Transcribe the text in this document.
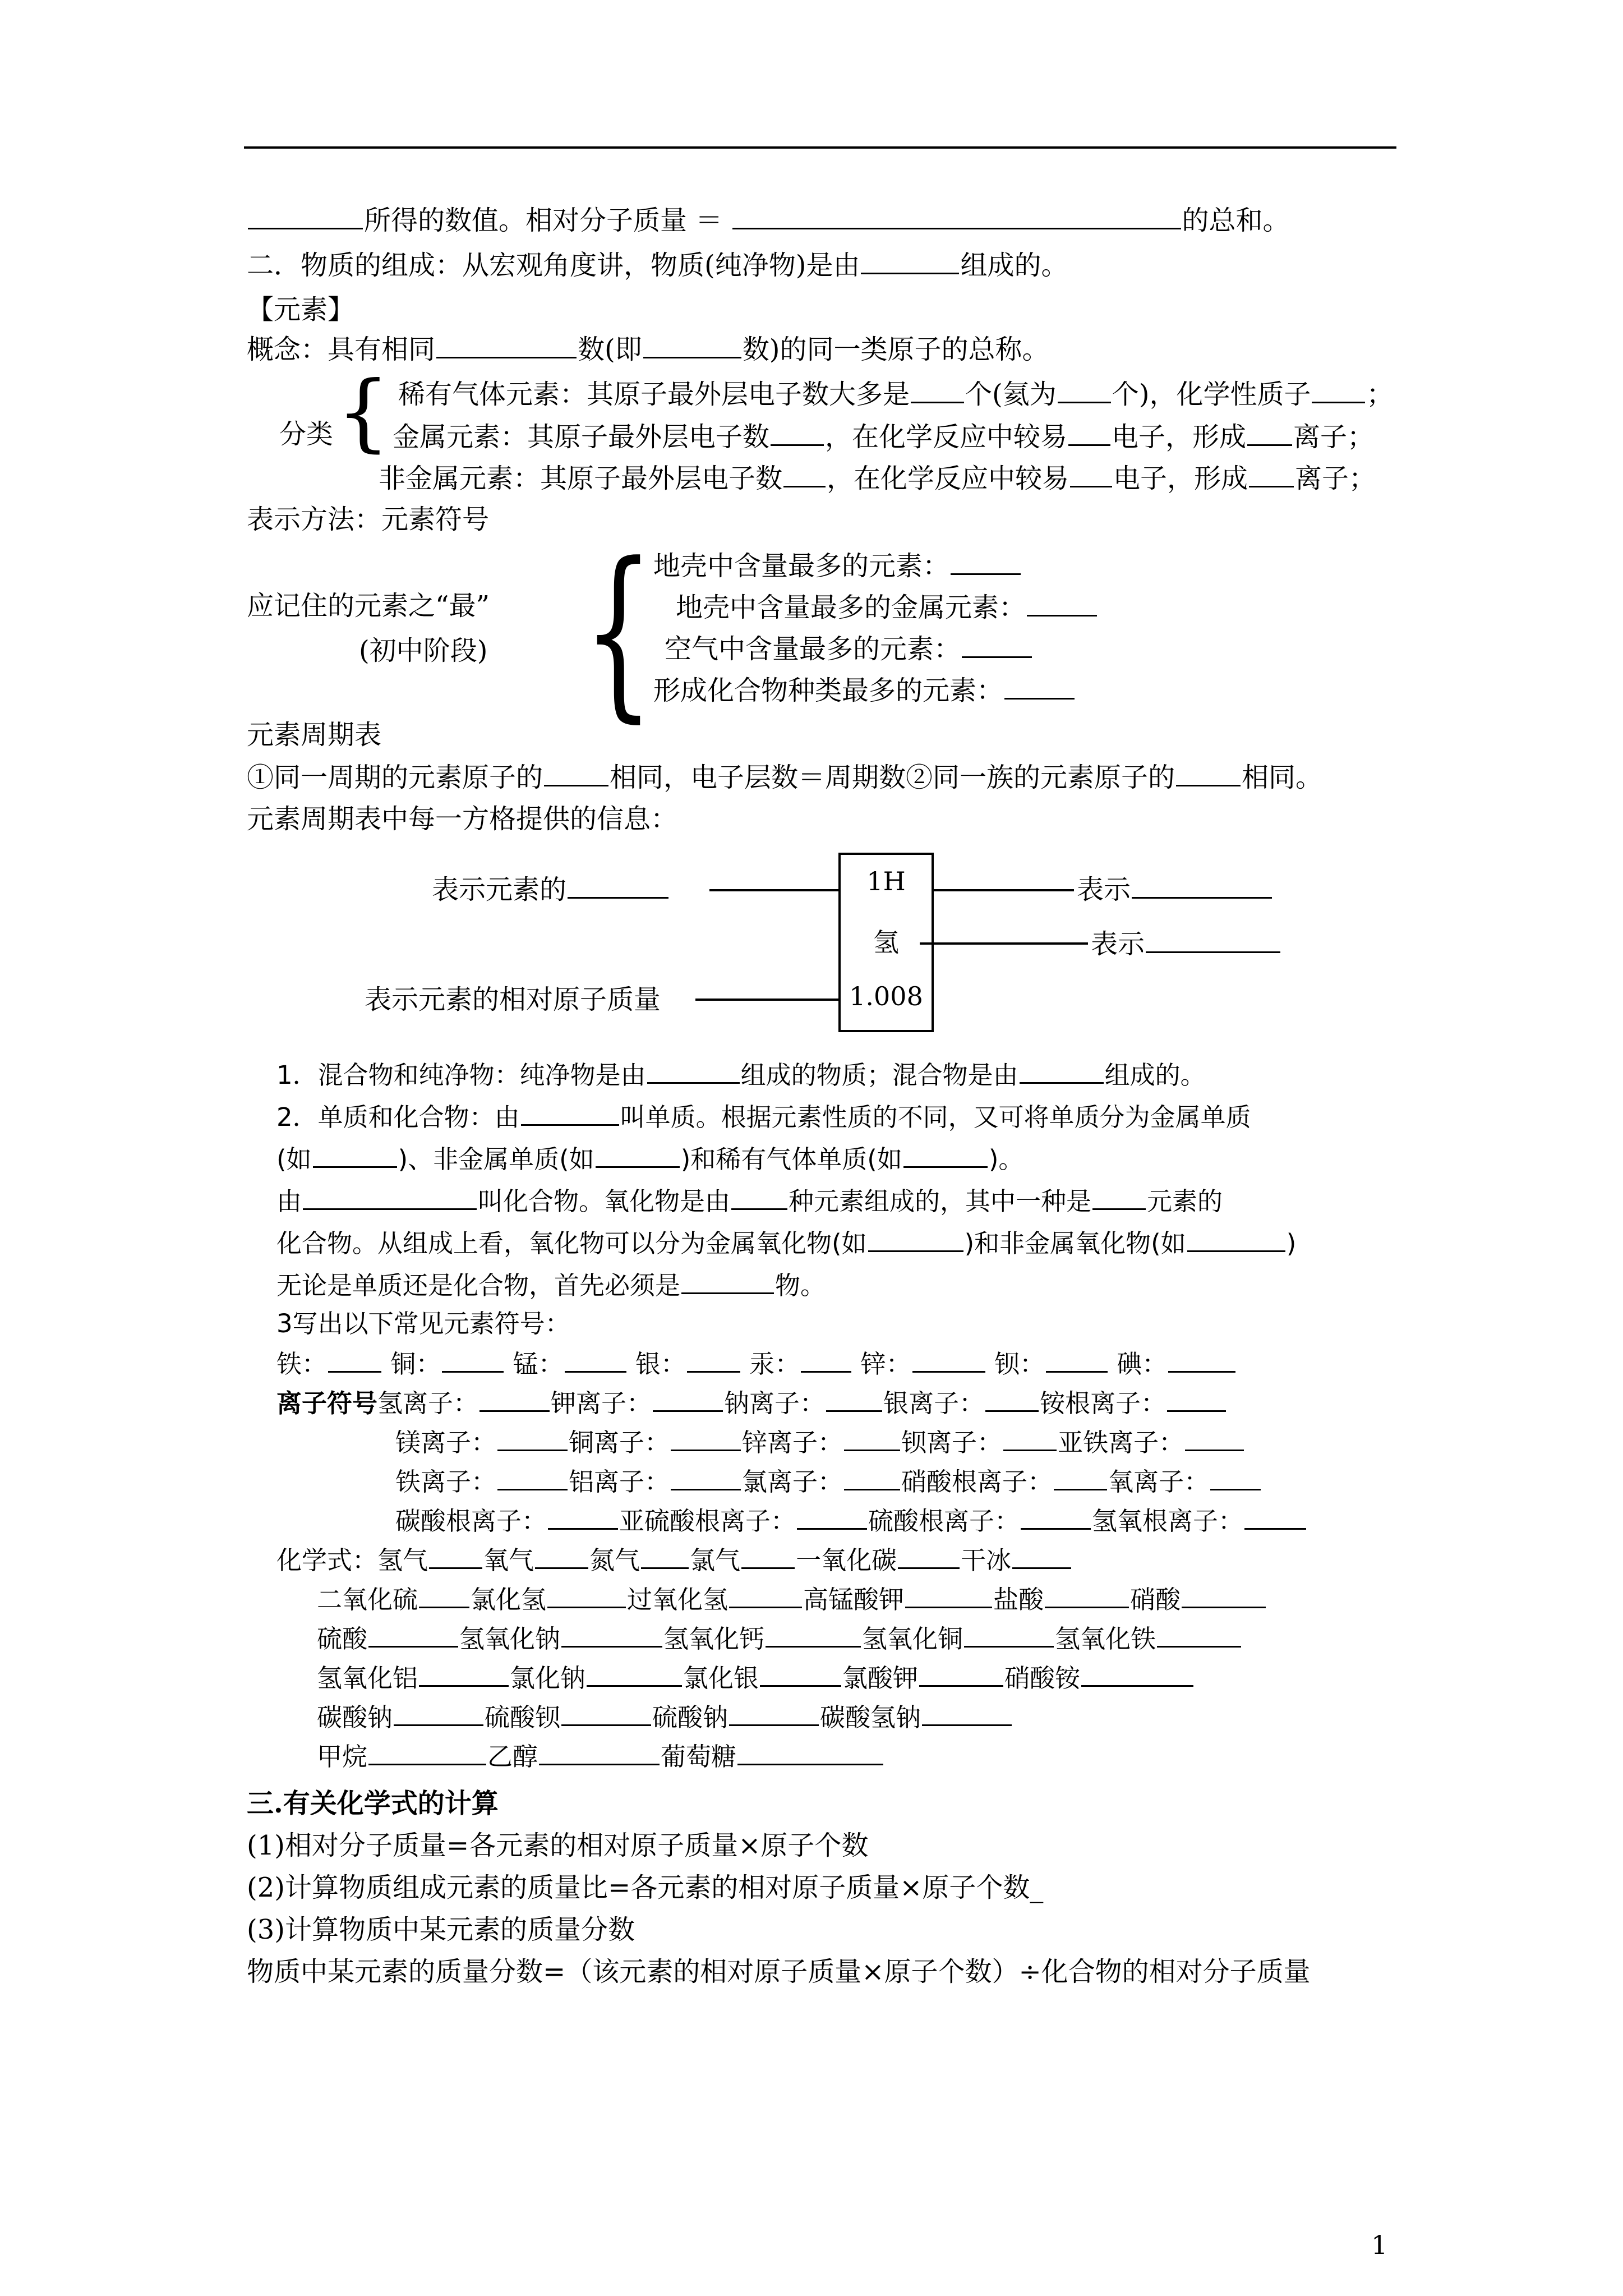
所得的数值。相对分子质量 ＝	的总和。
二．物质的组成：从宏观角度讲，物质(纯净物)是由	组成的。
【元素】
概念：具有相同	数(即	数)的同一类原子的总称。
分类 { 稀有气体元素：其原子最外层电子数大多是 个(氦为 个)，化学性质子 ；
金属元素：其原子最外层电子数 ，在化学反应中较易 电子，形成 离子；
非金属元素：其原子最外层电子数 ，在化学反应中较易 电子，形成 离子；
表示方法：元素符号
应记住的元素之“最”
(初中阶段) { 地壳中含量最多的元素：
地壳中含量最多的金属元素：
空气中含量最多的元素：
形成化合物种类最多的元素：
元素周期表
①同一周期的元素原子的 相同，电子层数＝周期数②同一族的元素原子的 相同。
元素周期表中每一方格提供的信息：
1H
氢
1.008
表示元素的	表示
表示
表示元素的相对原子质量
1．混合物和纯净物：纯净物是由	组成的物质；混合物是由	组成的。
2．单质和化合物：由	叫单质。根据元素性质的不同，又可将单质分为金属单质
(如	)、非金属单质(如	)和稀有气体单质(如	)。
由	叫化合物。氧化物是由 种元素组成的，其中一种是 元素的
化合物。从组成上看，氧化物可以分为金属氧化物(如	)和非金属氧化物(如	)
无论是单质还是化合物，首先必须是	物。
3写出以下常见元素符号：
铁：	铜：	锰：	银：	汞： 锌：	钡：	碘：
离子符号氢离子：	钾离子：	钠离子： 银离子： 铵根离子：
镁离子：	铜离子：	锌离子： 钡离子： 亚铁离子：
铁离子：	铝离子：	氯离子： 硝酸根离子： 氧离子：
碳酸根离子：	亚硫酸根离子：	硫酸根离子：	氢氧根离子：
化学式：氢气 氧气 氮气 氯气 一氧化碳	干冰
二氧化硫 氯化氢	过氧化氢	高锰酸钾	盐酸	硝酸
硫酸	氢氧化钠	氢氧化钙	氢氧化铜	氢氧化铁
氢氧化铝	氯化钠	氯化银	氯酸钾	硝酸铵
碳酸钠	硫酸钡	硫酸钠	碳酸氢钠
甲烷	乙醇	葡萄糖
三.有关化学式的计算
(1)相对分子质量=各元素的相对原子质量×原子个数
(2)计算物质组成元素的质量比=各元素的相对原子质量×原子个数_
(3)计算物质中某元素的质量分数
物质中某元素的质量分数=（该元素的相对原子质量×原子个数）÷化合物的相对分子质量
1
